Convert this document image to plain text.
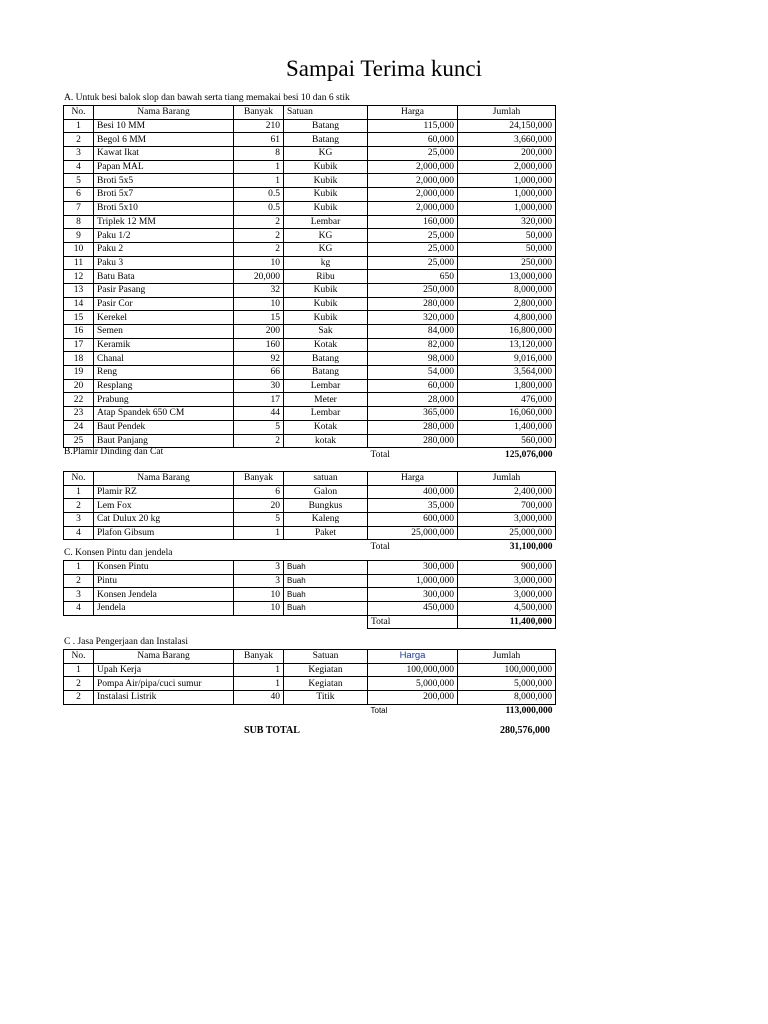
Sampai Terima kunci
A. Untuk besi balok slop dan bawah serta tiang memakai besi 10 dan 6 stik
No.	Nama Barang	Banyak	Satuan	Harga	Jumlah
1	Besi 10 MM	210	Batang	115,000	24,150,000
2	Begol 6 MM	61	Batang	60,000	3,660,000
3	Kawat Ikat	8	KG	25,000	200,000
4	Papan MAL	1	Kubik	2,000,000	2,000,000
5	Broti 5x5	1	Kubik	2,000,000	1,000,000
6	Broti 5x7	0.5	Kubik	2,000,000	1,000,000
7	Broti 5x10	0.5	Kubik	2,000,000	1,000,000
8	Triplek 12 MM	2	Lembar	160,000	320,000
9	Paku 1/2	2	KG	25,000	50,000
10	Paku 2	2	KG	25,000	50,000
11	Paku 3	10	kg	25,000	250,000
12	Batu Bata	20,000	Ribu	650	13,000,000
13	Pasir Pasang	32	Kubik	250,000	8,000,000
14	Pasir Cor	10	Kubik	280,000	2,800,000
15	Kerekel	15	Kubik	320,000	4,800,000
16	Semen	200	Sak	84,000	16,800,000
17	Keramik	160	Kotak	82,000	13,120,000
18	Chanal	92	Batang	98,000	9,016,000
19	Reng	66	Batang	54,000	3,564,000
20	Resplang	30	Lembar	60,000	1,800,000
22	Prabung	17	Meter	28,000	476,000
23	Atap Spandek 650 CM	44	Lembar	365,000	16,060,000
24	Baut Pendek	5	Kotak	280,000	1,400,000
25	Baut Panjang	2	kotak	280,000	560,000
				Total	125,076,000
B.Plamir Dinding dan Cat
No.	Nama Barang	Banyak	satuan	Harga	Jumlah
1	Plamir RZ	6	Galon	400,000	2,400,000
2	Lem Fox	20	Bungkus	35,000	700,000
3	Cat Dulux 20 kg	5	Kaleng	600,000	3,000,000
4	Plafon Gibsum	1	Paket	25,000,000	25,000,000
				Total	31,100,000
C. Konsen Pintu dan jendela
1	Konsen Pintu	3	Buah	300,000	900,000
2	Pintu	3	Buah	1,000,000	3,000,000
3	Konsen Jendela	10	Buah	300,000	3,000,000
4	Jendela	10	Buah	450,000	4,500,000
				Total	11,400,000
C . Jasa Pengerjaan dan Instalasi
No.	Nama Barang	Banyak	Satuan	Harga	Jumlah
1	Upah Kerja	1	Kegiatan	100,000,000	100,000,000
2	Pompa Air/pipa/cuci sumur	1	Kegiatan	5,000,000	5,000,000
2	Instalasi Listrik	40	Titik	200,000	8,000,000
				Total	113,000,000
SUB TOTAL	280,576,000
